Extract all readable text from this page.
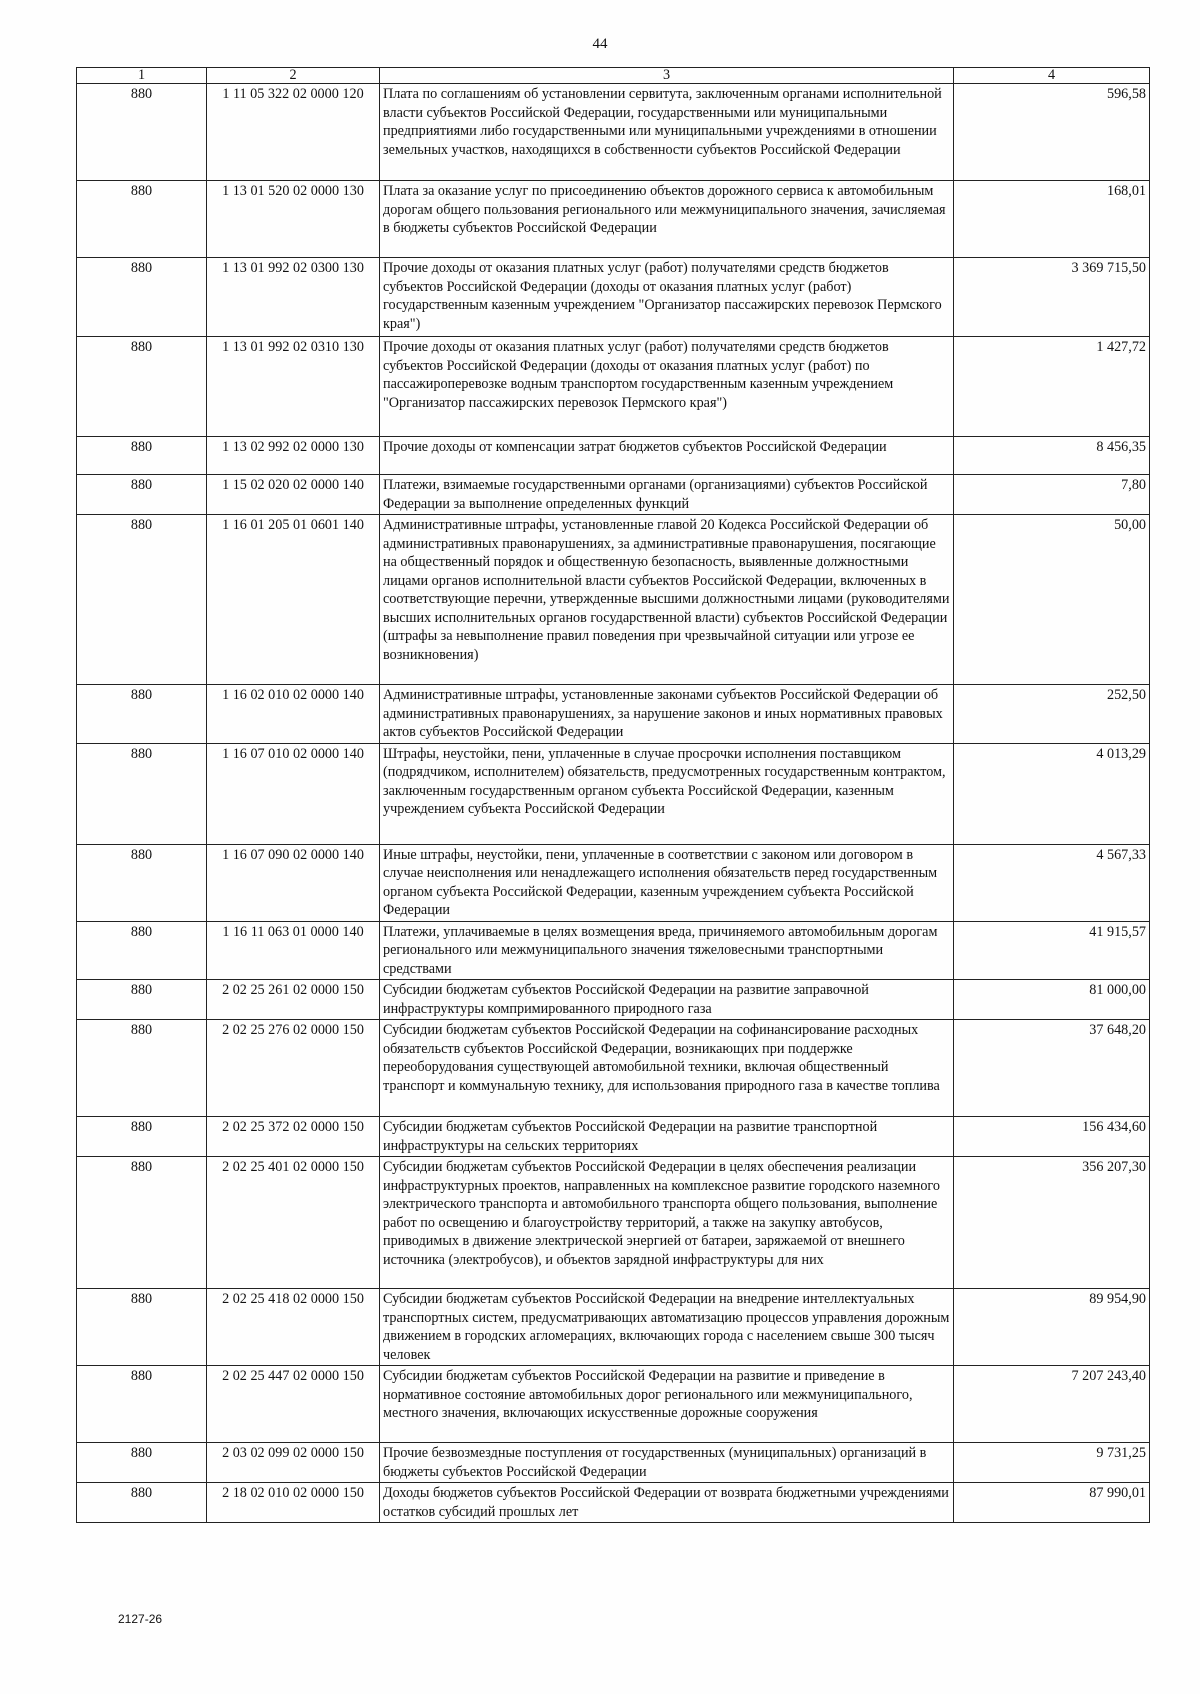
44
1	2	3	4
880	1 11 05 322 02 0000 120	Плата по соглашениям об установлении сервитута, заключенным органами исполнительной власти субъектов Российской Федерации, государственными или муниципальными предприятиями либо государственными или муниципальными учреждениями в отношении земельных участков, находящихся в собственности субъектов Российской Федерации	596,58
880	1 13 01 520 02 0000 130	Плата за оказание услуг по присоединению объектов дорожного сервиса к автомобильным дорогам общего пользования регионального или межмуниципального значения, зачисляемая в бюджеты субъектов Российской Федерации	168,01
880	1 13 01 992 02 0300 130	Прочие доходы от оказания платных услуг (работ) получателями средств бюджетов субъектов Российской Федерации (доходы от оказания платных услуг (работ) государственным казенным учреждением "Организатор пассажирских перевозок Пермского края")	3 369 715,50
880	1 13 01 992 02 0310 130	Прочие доходы от оказания платных услуг (работ) получателями средств бюджетов субъектов Российской Федерации (доходы от оказания платных услуг (работ) по пассажироперевозке водным транспортом государственным казенным учреждением "Организатор пассажирских перевозок Пермского края")	1 427,72
880	1 13 02 992 02 0000 130	Прочие доходы от компенсации затрат бюджетов субъектов Российской Федерации	8 456,35
880	1 15 02 020 02 0000 140	Платежи, взимаемые государственными органами (организациями) субъектов Российской Федерации за выполнение определенных функций	7,80
880	1 16 01 205 01 0601 140	Административные штрафы, установленные главой 20 Кодекса Российской Федерации об административных правонарушениях, за административные правонарушения, посягающие на общественный порядок и общественную безопасность, выявленные должностными лицами органов исполнительной власти субъектов Российской Федерации, включенных в соответствующие перечни, утвержденные высшими должностными лицами (руководителями высших исполнительных органов государственной власти) субъектов Российской Федерации (штрафы за невыполнение правил поведения при чрезвычайной ситуации или угрозе ее возникновения)	50,00
880	1 16 02 010 02 0000 140	Административные штрафы, установленные законами субъектов Российской Федерации об административных правонарушениях, за нарушение законов и иных нормативных правовых актов субъектов Российской Федерации	252,50
880	1 16 07 010 02 0000 140	Штрафы, неустойки, пени, уплаченные в случае просрочки исполнения поставщиком (подрядчиком, исполнителем) обязательств, предусмотренных государственным контрактом, заключенным государственным органом субъекта Российской Федерации, казенным учреждением субъекта Российской Федерации	4 013,29
880	1 16 07 090 02 0000 140	Иные штрафы, неустойки, пени, уплаченные в соответствии с законом или договором в случае неисполнения или ненадлежащего исполнения обязательств перед государственным органом субъекта Российской Федерации, казенным учреждением субъекта Российской Федерации	4 567,33
880	1 16 11 063 01 0000 140	Платежи, уплачиваемые в целях возмещения вреда, причиняемого автомобильным дорогам регионального или межмуниципального значения тяжеловесными транспортными средствами	41 915,57
880	2 02 25 261 02 0000 150	Субсидии бюджетам субъектов Российской Федерации на развитие заправочной инфраструктуры компримированного природного газа	81 000,00
880	2 02 25 276 02 0000 150	Субсидии бюджетам субъектов Российской Федерации на софинансирование расходных обязательств субъектов Российской Федерации, возникающих при поддержке переоборудования существующей автомобильной техники, включая общественный транспорт и коммунальную технику, для использования природного газа в качестве топлива	37 648,20
880	2 02 25 372 02 0000 150	Субсидии бюджетам субъектов Российской Федерации на развитие транспортной инфраструктуры на сельских территориях	156 434,60
880	2 02 25 401 02 0000 150	Субсидии бюджетам субъектов Российской Федерации в целях обеспечения реализации инфраструктурных проектов, направленных на комплексное развитие городского наземного электрического транспорта и автомобильного транспорта общего пользования, выполнение работ по освещению и благоустройству территорий, а также на закупку автобусов, приводимых в движение электрической энергией от батареи, заряжаемой от внешнего источника (электробусов), и объектов зарядной инфраструктуры для них	356 207,30
880	2 02 25 418 02 0000 150	Субсидии бюджетам субъектов Российской Федерации на внедрение интеллектуальных транспортных систем, предусматривающих автоматизацию процессов управления дорожным движением в городских агломерациях, включающих города с населением свыше 300 тысяч человек	89 954,90
880	2 02 25 447 02 0000 150	Субсидии бюджетам субъектов Российской Федерации на развитие и приведение в нормативное состояние автомобильных дорог регионального или межмуниципального, местного значения, включающих искусственные дорожные сооружения	7 207 243,40
880	2 03 02 099 02 0000 150	Прочие безвозмездные поступления от государственных (муниципальных) организаций в бюджеты субъектов Российской Федерации	9 731,25
880	2 18 02 010 02 0000 150	Доходы бюджетов субъектов Российской Федерации от возврата бюджетными учреждениями остатков субсидий прошлых лет	87 990,01
2127-26
